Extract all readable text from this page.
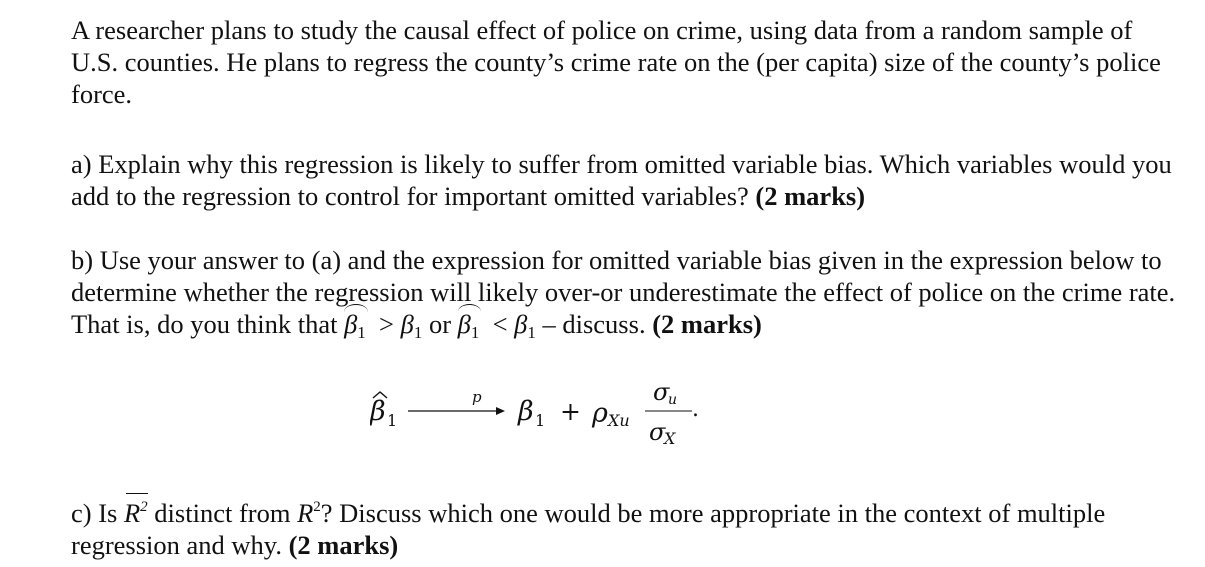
A researcher plans to study the causal effect of police on crime, using data from a random sample of U.S. counties. He plans to regress the county’s crime rate on the (per capita) size of the county’s police force.

a) Explain why this regression is likely to suffer from omitted variable bias. Which variables would you add to the regression to control for important omitted variables? (2 marks)

b) Use your answer to (a) and the expression for omitted variable bias given in the expression below to determine whether the regression will likely over-or underestimate the effect of police on the crime rate. That is, do you think that $\beta_1 > \beta_1$ or $\beta_1 < \beta_1$ – discuss. (2 marks)

β 1
p β 1 + ρ Xu
σ
u
σ
X
.

c) Is $R^2$ distinct from $R^2$? Discuss which one would be more appropriate in the context of multiple regression and why. (2 marks)
